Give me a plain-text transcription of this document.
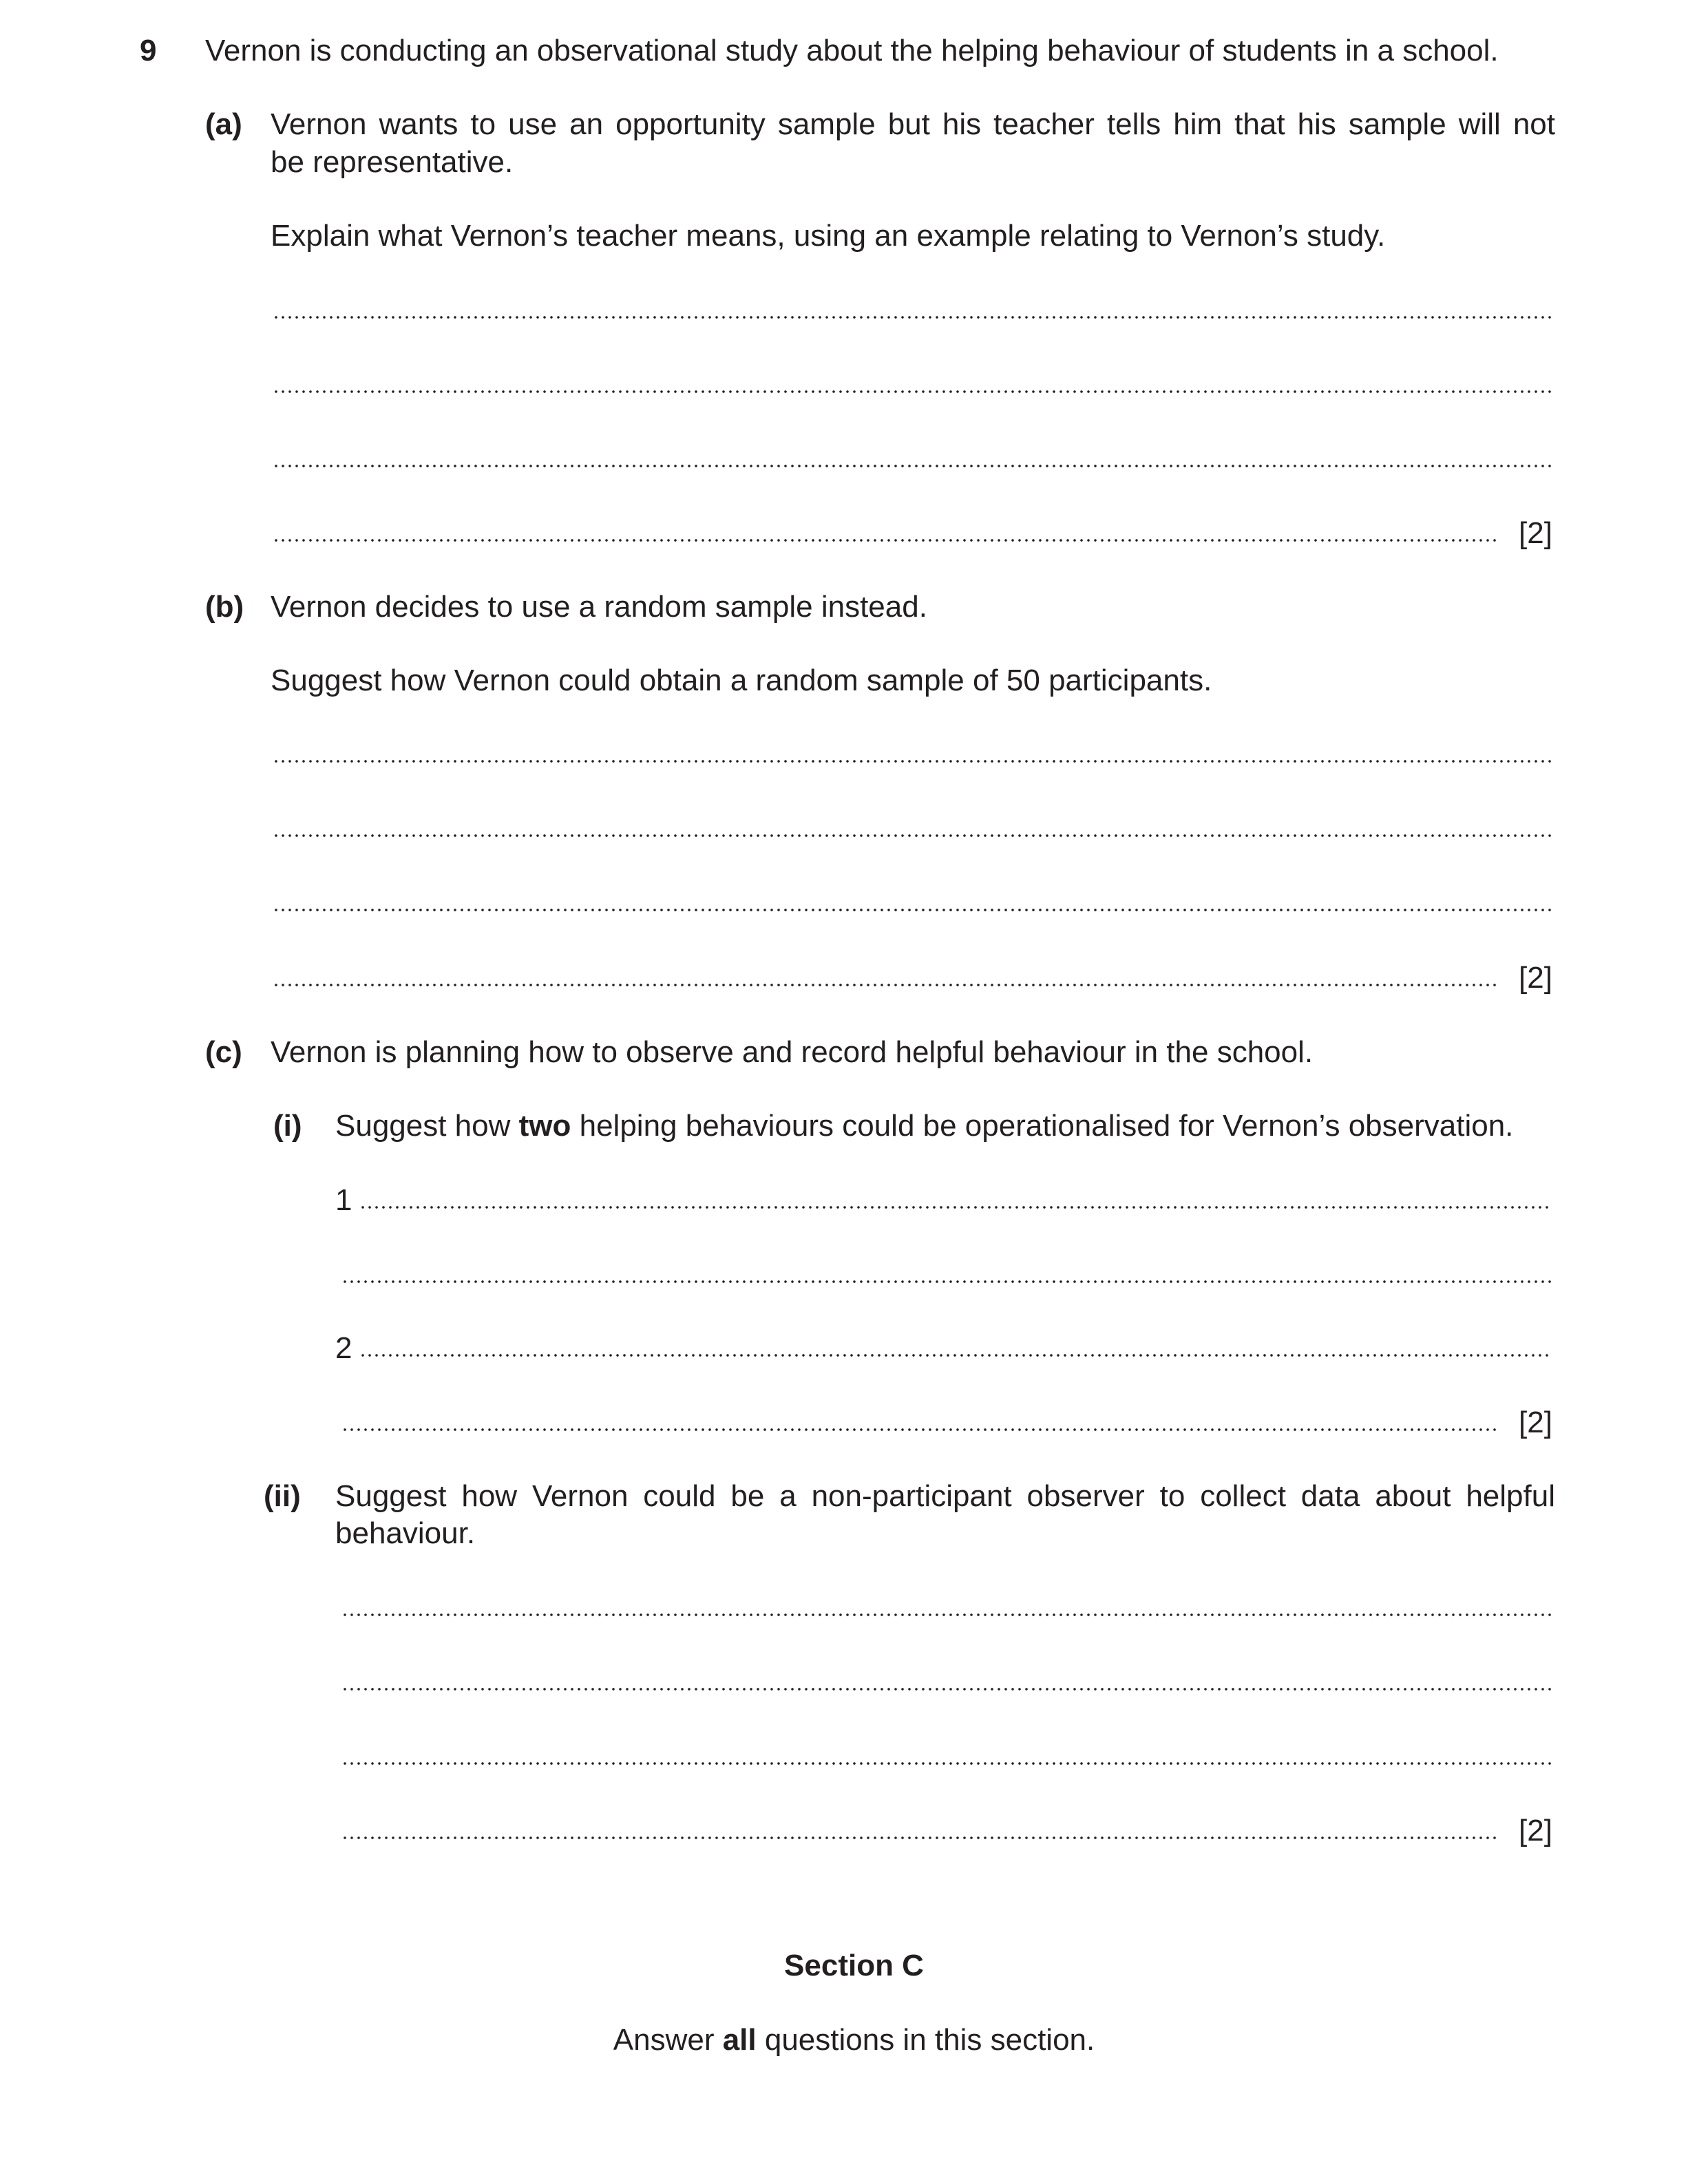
9 Vernon is conducting an observational study about the helping behaviour of students in a school.
(a) Vernon wants to use an opportunity sample but his teacher tells him that his sample will not
be representative.
Explain what Vernon’s teacher means, using an example relating to Vernon’s study.
[2]
(b) Vernon decides to use a random sample instead.
Suggest how Vernon could obtain a random sample of 50 participants.
[2]
(c) Vernon is planning how to observe and record helpful behaviour in the school.
(i) Suggest how two helping behaviours could be operationalised for Vernon’s observation.
1
2
[2]
(ii) Suggest how Vernon could be a non-participant observer to collect data about helpful
behaviour.
[2]
Section C
Answer all questions in this section.
